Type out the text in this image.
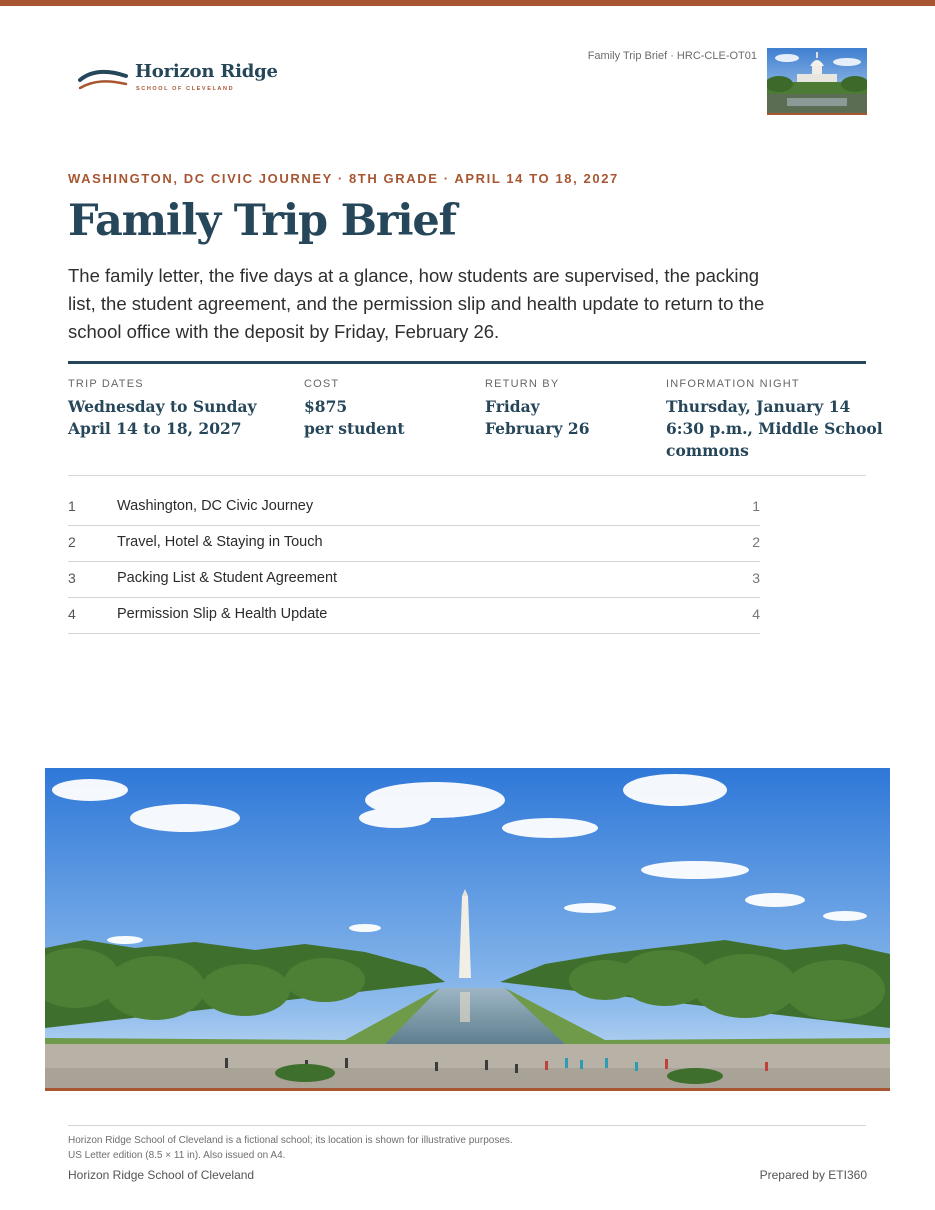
Horizon Ridge
SCHOOL OF CLEVELAND
Family Trip Brief · HRC-CLE-OT01
WASHINGTON, DC CIVIC JOURNEY · 8TH GRADE · APRIL 14 TO 18, 2027
Family Trip Brief

The family letter, the five days at a glance, how students are supervised, the packing list, the student agreement, and the permission slip and health update to return to the school office with the deposit by Friday, February 26.

TRIP DATES
Wednesday to Sunday
April 14 to 18, 2027
COST
$875
per student
RETURN BY
Friday
February 26
INFORMATION NIGHT
Thursday, January 14
6:30 p.m., Middle School
commons
1	Washington, DC Civic Journey	1
2	Travel, Hotel & Staying in Touch	2
3	Packing List & Student Agreement	3
4	Permission Slip & Health Update	4
Horizon Ridge School of Cleveland is a fictional school; its location is shown for illustrative purposes.
US Letter edition (8.5 × 11 in). Also issued on A4.
Horizon Ridge School of Cleveland	Prepared by ETI360
